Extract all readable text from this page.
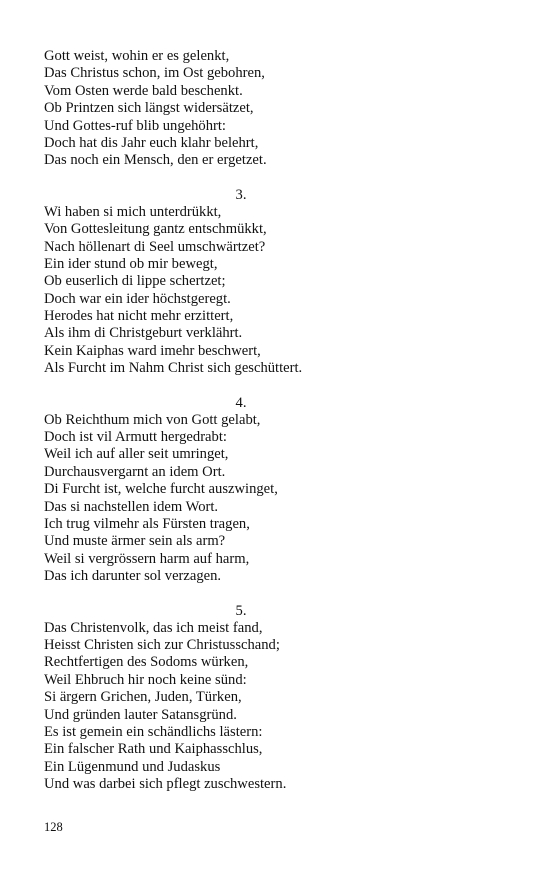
Gott weist, wohin er es gelenkt,
Das Christus schon, im Ost gebohren,
Vom Osten werde bald beschenkt.
Ob Printzen sich längst widersätzet,
Und Gottes-ruf blib ungehöhrt:
Doch hat dis Jahr euch klahr belehrt,
Das noch ein Mensch, den er ergetzet.
3.
Wi haben si mich unterdrükkt,
Von Gottesleitung gantz entschmükkt,
Nach höllenart di Seel umschwärtzet?
Ein ider stund ob mir bewegt,
Ob euserlich di lippe schertzet;
Doch war ein ider höchstgeregt.
Herodes hat nicht mehr erzittert,
Als ihm di Christgeburt verklährt.
Kein Kaiphas ward imehr beschwert,
Als Furcht im Nahm Christ sich geschüttert.
4.
Ob Reichthum mich von Gott gelabt,
Doch ist vil Armutt hergedrabt:
Weil ich auf aller seit umringet,
Durchausvergarnt an idem Ort.
Di Furcht ist, welche furcht auszwinget,
Das si nachstellen idem Wort.
Ich trug vilmehr als Fürsten tragen,
Und muste ärmer sein als arm?
Weil si vergrössern harm auf harm,
Das ich darunter sol verzagen.
5.
Das Christenvolk, das ich meist fand,
Heisst Christen sich zur Christusschand;
Rechtfertigen des Sodoms würken,
Weil Ehbruch hir noch keine sünd:
Si ärgern Grichen, Juden, Türken,
Und gründen lauter Satansgründ.
Es ist gemein ein schändlichs lästern:
Ein falscher Rath und Kaiphasschlus,
Ein Lügenmund und Judaskus
Und was darbei sich pflegt zuschwestern.
128
